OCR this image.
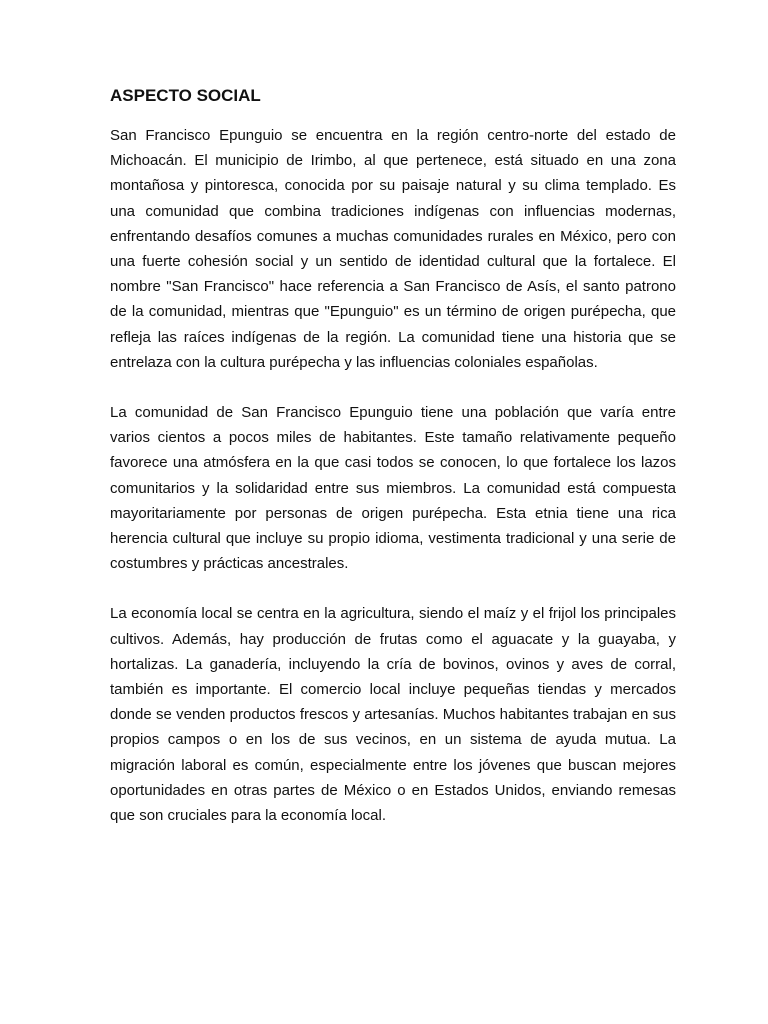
ASPECTO SOCIAL

San Francisco Epunguio se encuentra en la región centro-norte del estado de Michoacán. El municipio de Irimbo, al que pertenece, está situado en una zona montañosa y pintoresca, conocida por su paisaje natural y su clima templado. Es una comunidad que combina tradiciones indígenas con influencias modernas, enfrentando desafíos comunes a muchas comunidades rurales en México, pero con una fuerte cohesión social y un sentido de identidad cultural que la fortalece. El nombre "San Francisco" hace referencia a San Francisco de Asís, el santo patrono de la comunidad, mientras que "Epunguio" es un término de origen purépecha, que refleja las raíces indígenas de la región. La comunidad tiene una historia que se entrelaza con la cultura purépecha y las influencias coloniales españolas.

La comunidad de San Francisco Epunguio tiene una población que varía entre varios cientos a pocos miles de habitantes. Este tamaño relativamente pequeño favorece una atmósfera en la que casi todos se conocen, lo que fortalece los lazos comunitarios y la solidaridad entre sus miembros. La comunidad está compuesta mayoritariamente por personas de origen purépecha. Esta etnia tiene una rica herencia cultural que incluye su propio idioma, vestimenta tradicional y una serie de costumbres y prácticas ancestrales.

La economía local se centra en la agricultura, siendo el maíz y el frijol los principales cultivos. Además, hay producción de frutas como el aguacate y la guayaba, y hortalizas. La ganadería, incluyendo la cría de bovinos, ovinos y aves de corral, también es importante. El comercio local incluye pequeñas tiendas y mercados donde se venden productos frescos y artesanías. Muchos habitantes trabajan en sus propios campos o en los de sus vecinos, en un sistema de ayuda mutua. La migración laboral es común, especialmente entre los jóvenes que buscan mejores oportunidades en otras partes de México o en Estados Unidos, enviando remesas que son cruciales para la economía local.
